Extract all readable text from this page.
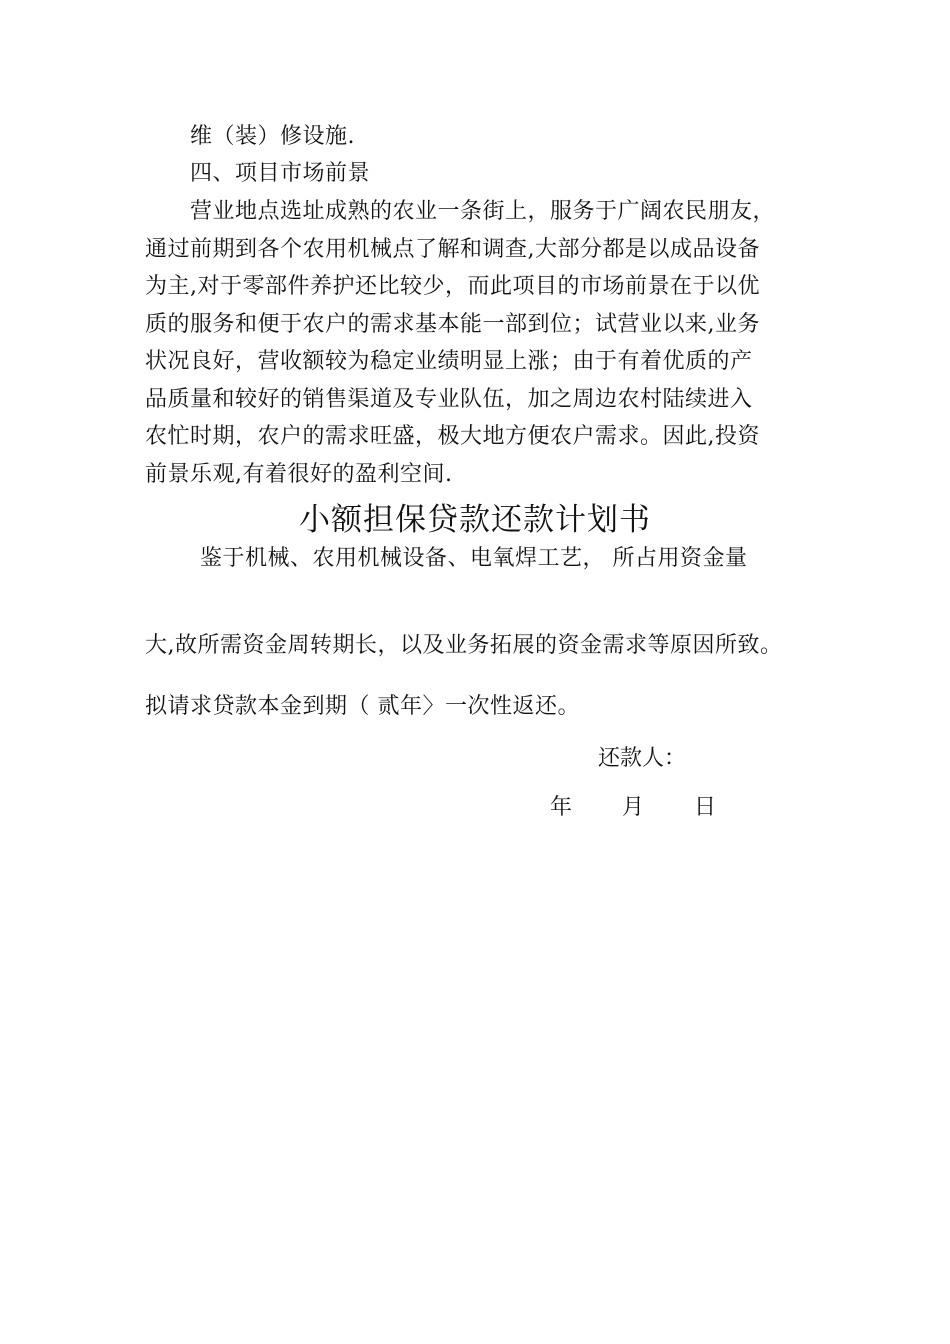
维（装）修设施.
四、项目市场前景
营业地点选址成熟的农业一条街上，服务于广阔农民朋友，
通过前期到各个农用机械点了解和调查,大部分都是以成品设备
为主,对于零部件养护还比较少，而此项目的市场前景在于以优
质的服务和便于农户的需求基本能一部到位；试营业以来,业务
状况良好，营收额较为稳定业绩明显上涨；由于有着优质的产
品质量和较好的销售渠道及专业队伍，加之周边农村陆续进入
农忙时期，农户的需求旺盛，极大地方便农户需求。因此,投资
前景乐观,有着很好的盈利空间.
小额担保贷款还款计划书
鉴于机械、农用机械设备、电氧焊工艺， 所占用资金量
大,故所需资金周转期长，以及业务拓展的资金需求等原因所致。
拟请求贷款本金到期（ 贰年〉一次性返还。
还款人：
年 月 日
